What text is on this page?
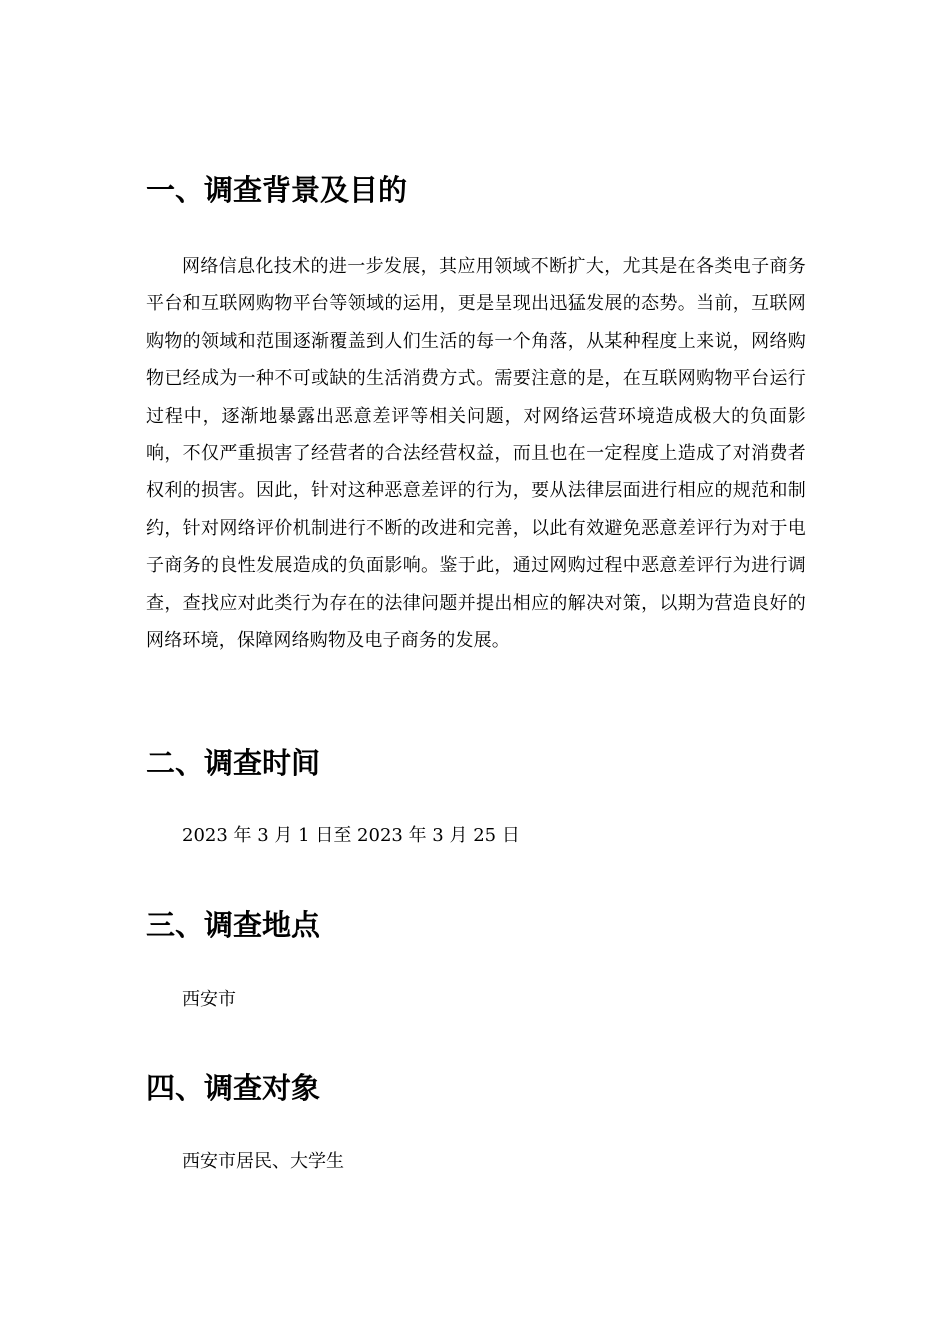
一、调查背景及目的

网络信息化技术的进一步发展，其应用领域不断扩大，尤其是在各类电子商务平台和互联网购物平台等领域的运用，更是呈现出迅猛发展的态势。当前，互联网购物的领域和范围逐渐覆盖到人们生活的每一个角落，从某种程度上来说，网络购物已经成为一种不可或缺的生活消费方式。需要注意的是，在互联网购物平台运行过程中，逐渐地暴露出恶意差评等相关问题，对网络运营环境造成极大的负面影响，不仅严重损害了经营者的合法经营权益，而且也在一定程度上造成了对消费者权利的损害。因此，针对这种恶意差评的行为，要从法律层面进行相应的规范和制约，针对网络评价机制进行不断的改进和完善，以此有效避免恶意差评行为对于电子商务的良性发展造成的负面影响。鉴于此，通过网购过程中恶意差评行为进行调查，查找应对此类行为存在的法律问题并提出相应的解决对策，以期为营造良好的网络环境，保障网络购物及电子商务的发展。

二、调查时间

2023 年 3 月 1 日至 2023 年 3 月 25 日

三、调查地点

西安市

四、调查对象

西安市居民、大学生
